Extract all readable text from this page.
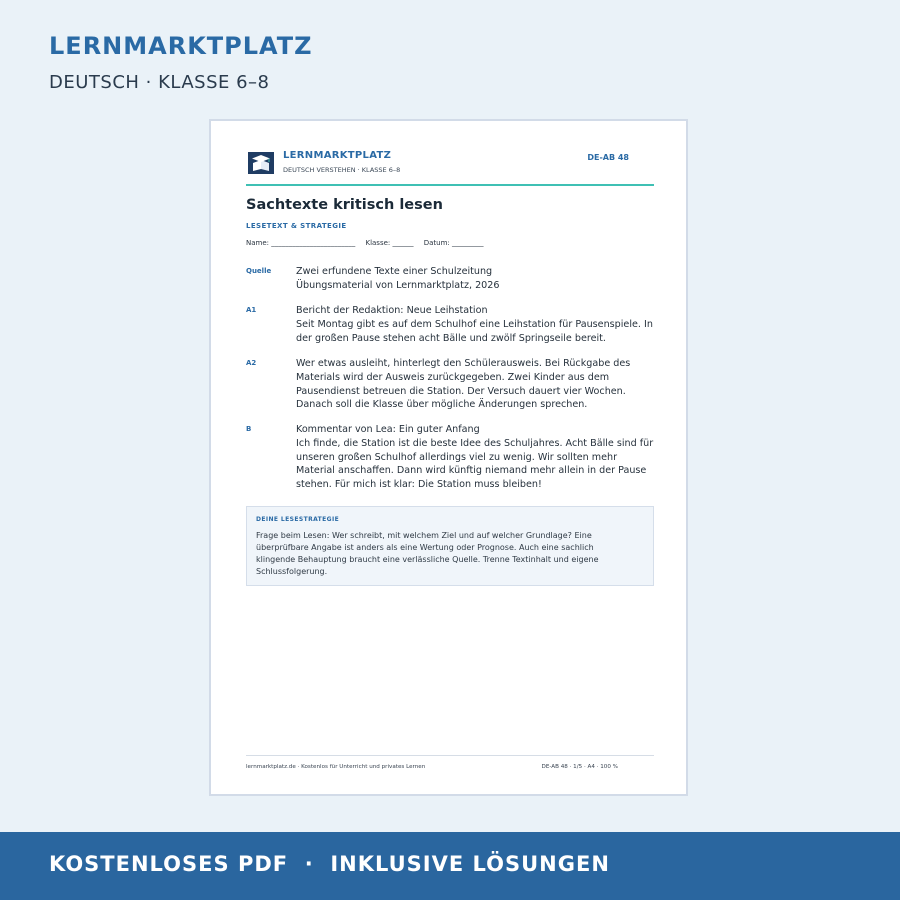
LERNMARKTPLATZ

DEUTSCH · KLASSE 6–8

LERNMARKTPLATZ
DEUTSCH VERSTEHEN · KLASSE 6–8
DE-AB 48
Sachtexte kritisch lesen
LESETEXT & STRATEGIE
Name: ________________________ Klasse: ______ Datum: _________
Quelle	Zwei erfundene Texte einer Schulzeitung
Übungsmaterial von Lernmarktplatz, 2026
A1	Bericht der Redaktion: Neue Leihstation
Seit Montag gibt es auf dem Schulhof eine Leihstation für Pausenspiele. In
der großen Pause stehen acht Bälle und zwölf Springseile bereit.
A2	Wer etwas ausleiht, hinterlegt den Schülerausweis. Bei Rückgabe des
Materials wird der Ausweis zurückgegeben. Zwei Kinder aus dem
Pausendienst betreuen die Station. Der Versuch dauert vier Wochen.
Danach soll die Klasse über mögliche Änderungen sprechen.
B	Kommentar von Lea: Ein guter Anfang
Ich finde, die Station ist die beste Idee des Schuljahres. Acht Bälle sind für
unseren großen Schulhof allerdings viel zu wenig. Wir sollten mehr
Material anschaffen. Dann wird künftig niemand mehr allein in der Pause
stehen. Für mich ist klar: Die Station muss bleiben!
DEINE LESESTRATEGIE
Frage beim Lesen: Wer schreibt, mit welchem Ziel und auf welcher Grundlage? Eine
überprüfbare Angabe ist anders als eine Wertung oder Prognose. Auch eine sachlich
klingende Behauptung braucht eine verlässliche Quelle. Trenne Textinhalt und eigene
Schlussfolgerung.
lernmarktplatz.de · Kostenlos für Unterricht und privates Lernen	DE-AB 48 · 1/5 · A4 · 100 %
KOSTENLOSES PDF  ·  INKLUSIVE LÖSUNGEN
